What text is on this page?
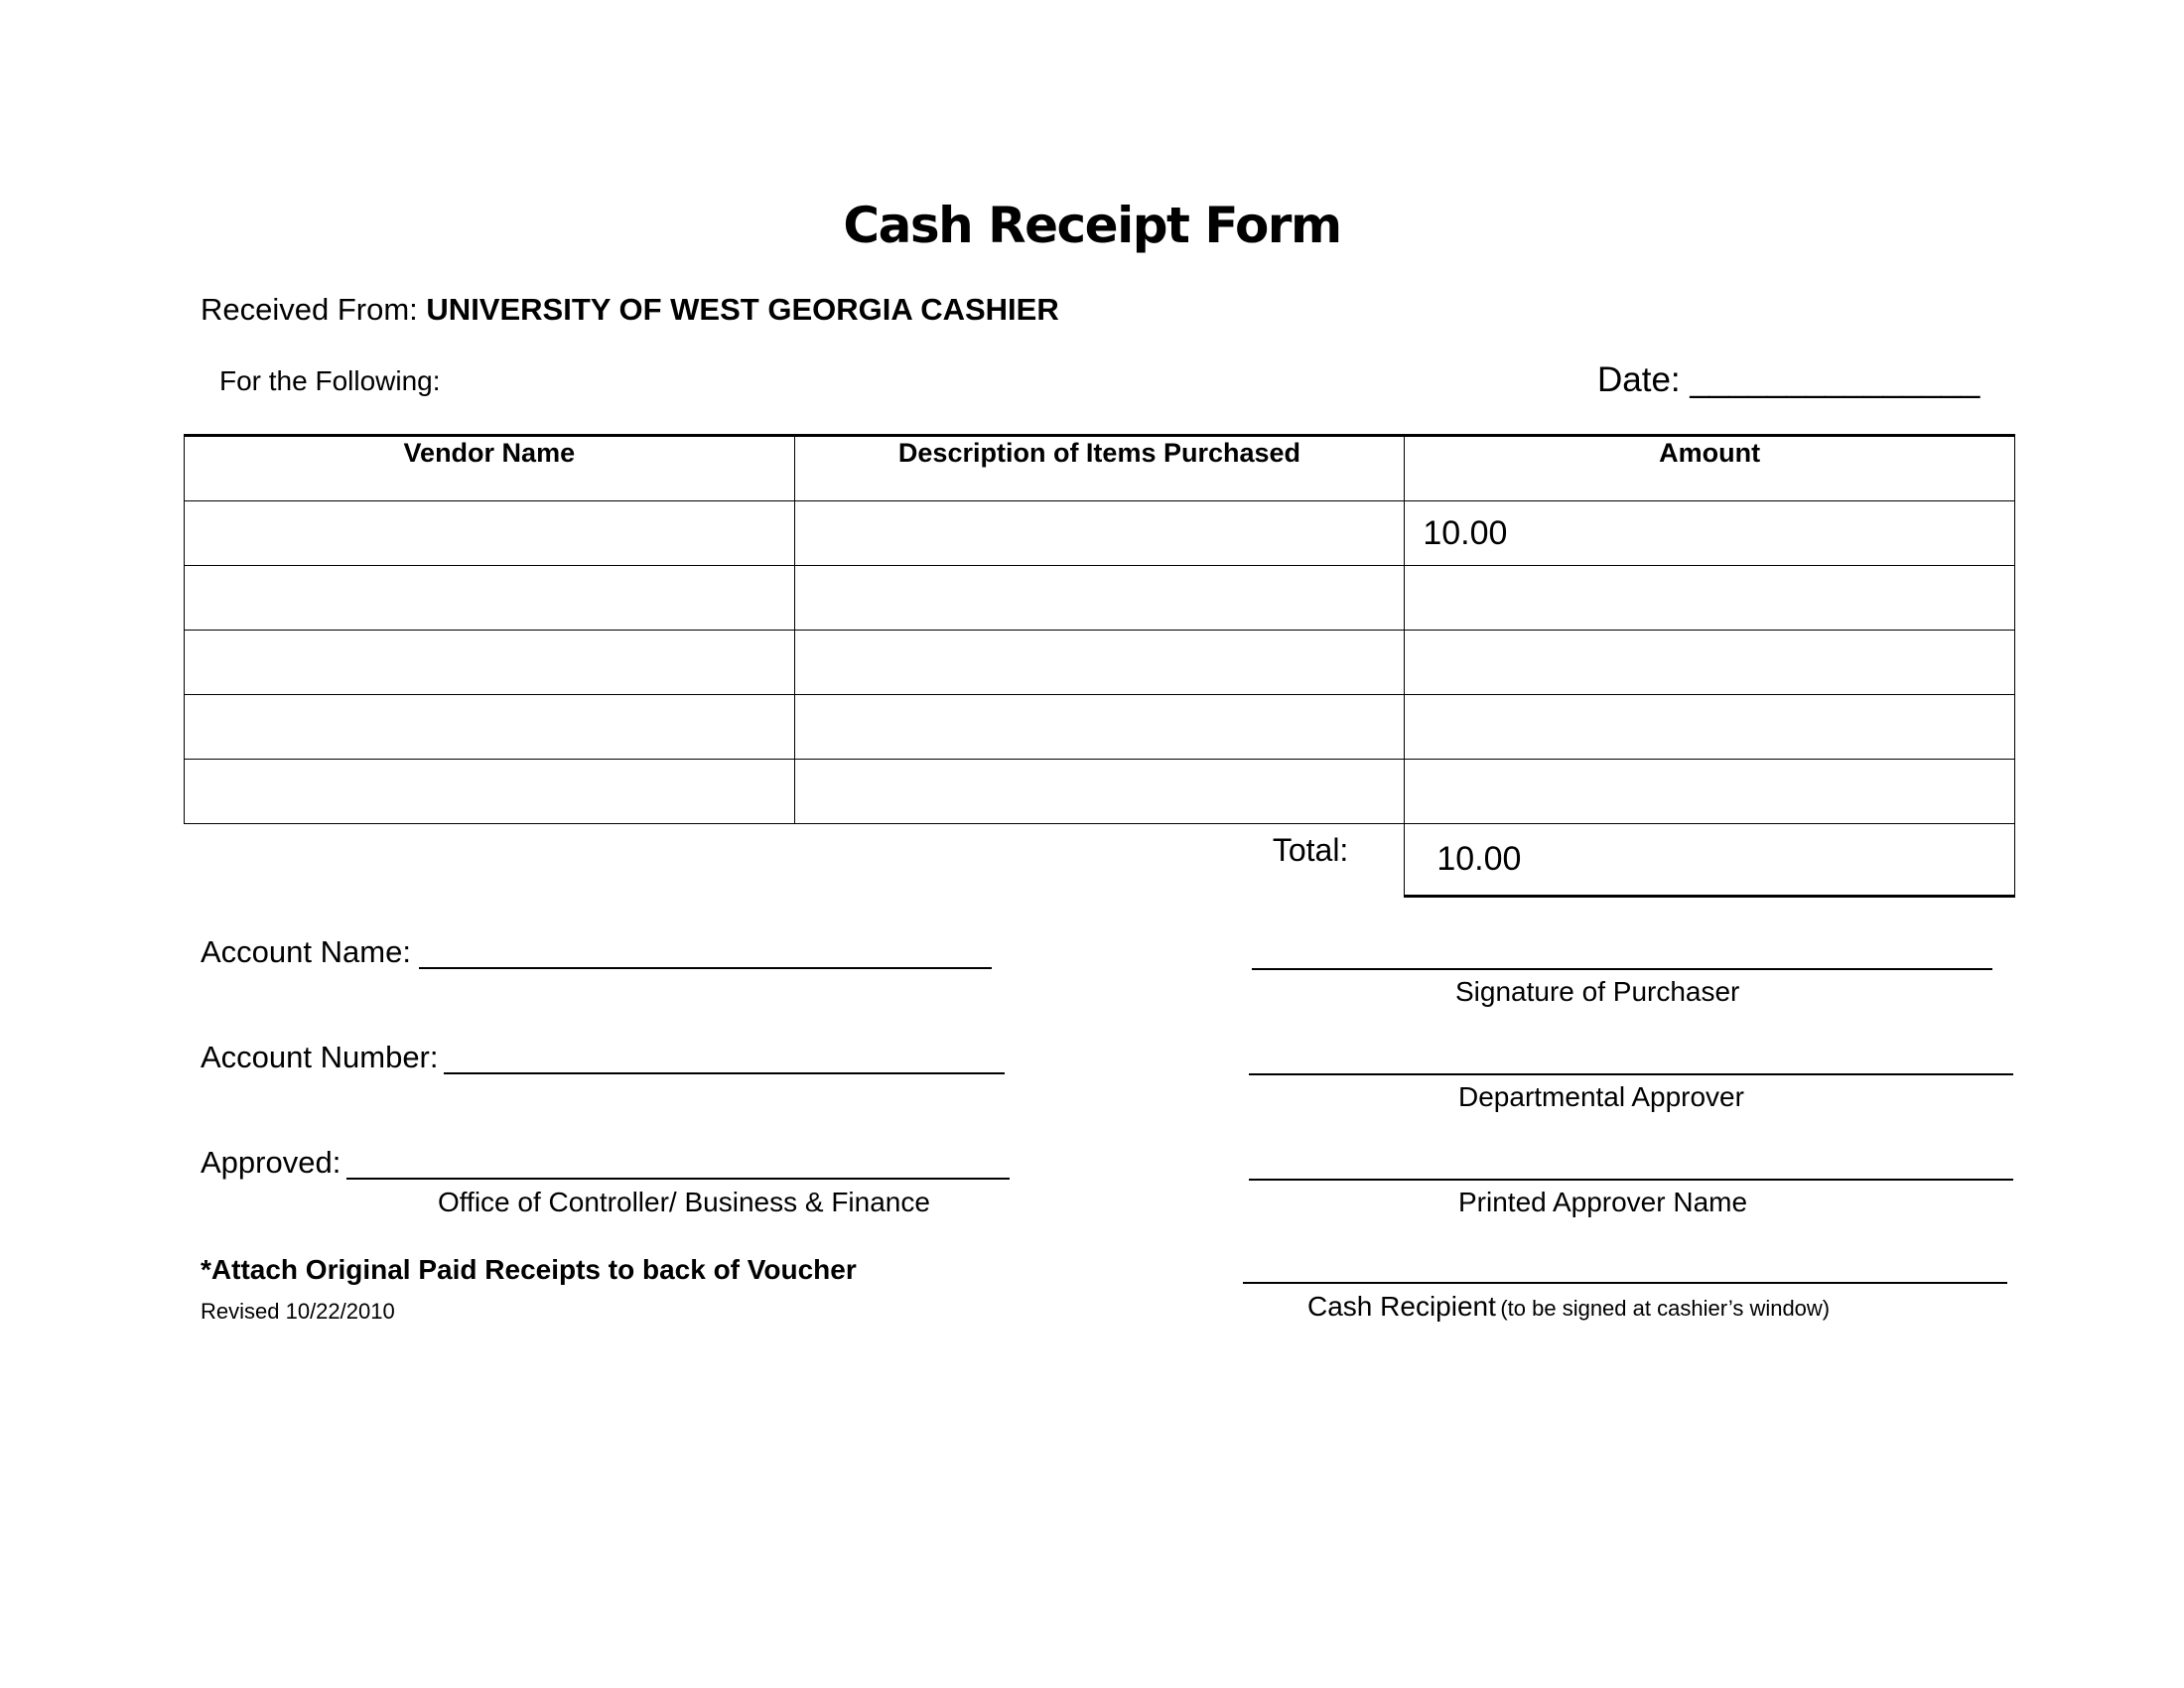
Cash Receipt Form
Received From: UNIVERSITY OF WEST GEORGIA CASHIER
For the Following:	Date: _______________
Vendor Name	Description of Items Purchased	Amount
		10.00

Total:		10.00
Account Name:
Account Number:
Approved:
Office of Controller/ Business & Finance
*Attach Original Paid Receipts to back of Voucher
Revised 10/22/2010
Signature of Purchaser
Departmental Approver
Printed Approver Name
Cash Recipient (to be signed at cashier’s window)
